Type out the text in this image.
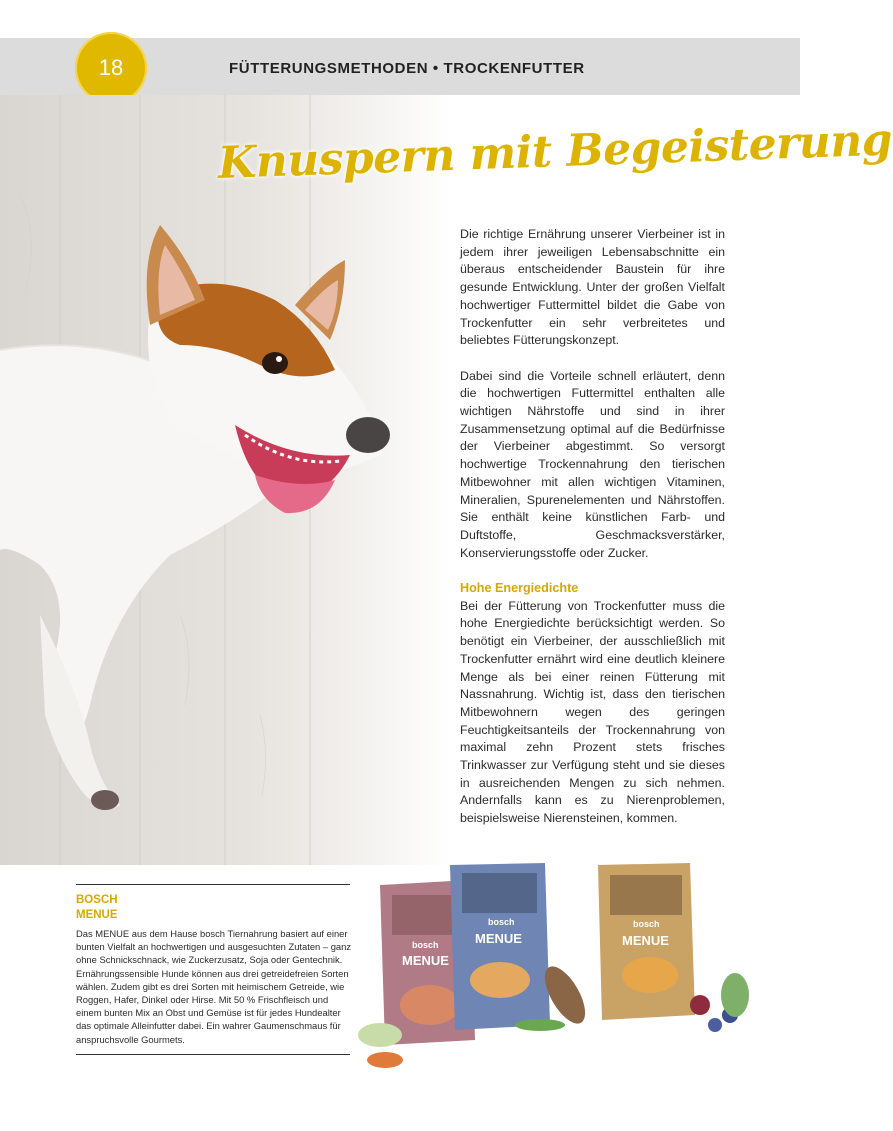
18	FÜTTERUNGSMETHODEN • TROCKENFUTTER
Knuspern mit Begeisterung

Die richtige Ernährung unserer Vierbeiner ist in jedem ihrer jeweiligen Lebensabschnitte ein überaus entscheidender Baustein für ihre gesunde Entwicklung. Unter der großen Vielfalt hochwertiger Futtermittel bildet die Gabe von Trockenfutter ein sehr verbreitetes und beliebtes Fütterungskonzept.

Dabei sind die Vorteile schnell erläutert, denn die hochwertigen Futtermittel enthalten alle wichtigen Nährstoffe und sind in ihrer Zusammensetzung optimal auf die Bedürfnisse der Vierbeiner abgestimmt. So versorgt hochwertige Trockennahrung den tierischen Mitbewohner mit allen wichtigen Vitaminen, Mineralien, Spurenelementen und Nährstoffen. Sie enthält keine künstlichen Farb- und Duftstoffe, Geschmacksverstärker, Konservierungsstoffe oder Zucker.

Hohe Energiedichte

Bei der Fütterung von Trockenfutter muss die hohe Energiedichte berücksichtigt werden. So benötigt ein Vierbeiner, der ausschließlich mit Trockenfutter ernährt wird eine deutlich kleinere Menge als bei einer reinen Fütterung mit Nassnahrung. Wichtig ist, dass den tierischen Mitbewohnern wegen des geringen Feuchtigkeitsanteils der Trockennahrung von maximal zehn Prozent stets frisches Trinkwasser zur Verfügung steht und sie dieses in ausreichenden Mengen zu sich nehmen. Andernfalls kann es zu Nierenproblemen, beispielsweise Nierensteinen, kommen.

BOSCH
MENUE
Das MENUE aus dem Hause bosch Tiernahrung basiert auf einer bunten Vielfalt an hochwertigen und ausgesuchten Zutaten – ganz ohne Schnickschnack, wie Zuckerzusatz, Soja oder Gentechnik. Ernährungssensible Hunde können aus drei getreidefreien Sorten wählen. Zudem gibt es drei Sorten mit heimischem Getreide, wie Roggen, Hafer, Dinkel oder Hirse. Mit 50 % Frischfleisch und einem bunten Mix an Obst und Gemüse ist für jedes Hundealter das optimale Alleinfutter dabei. Ein wahrer Gaumenschmaus für anspruchsvolle Gourmets.
bosch
MENUE
bosch
MENUE
bosch
MENUE
